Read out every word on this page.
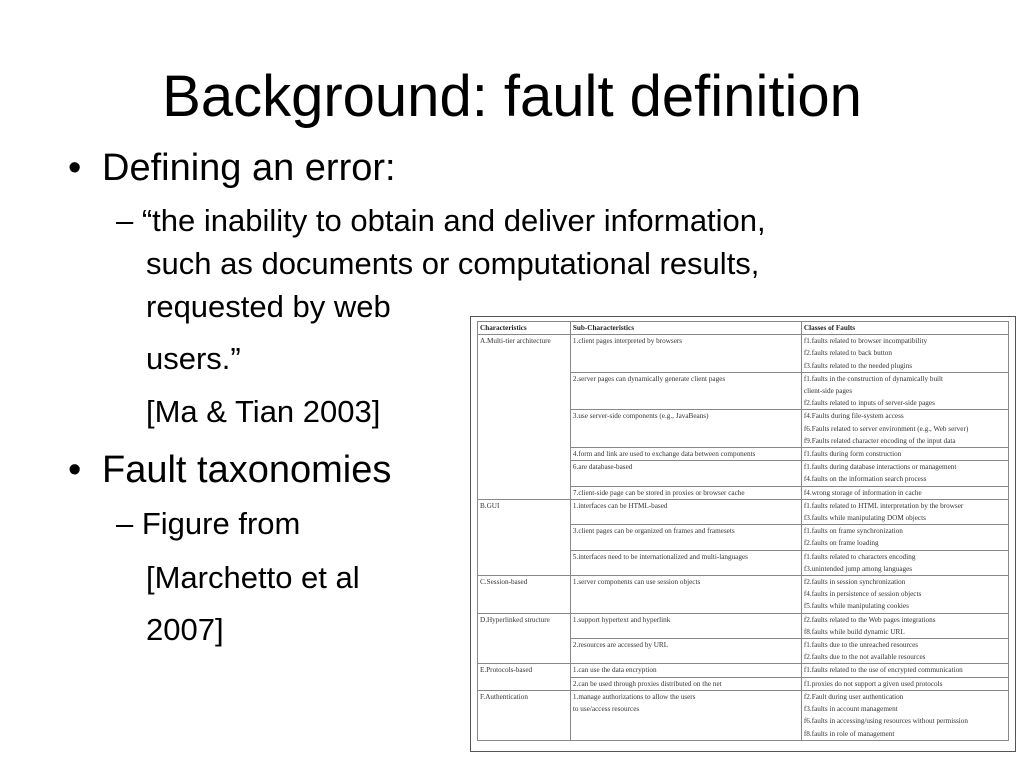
Background: fault definition
• Defining an error:
– “the inability to obtain and deliver information,
such as documents or computational results,
requested by web
users.”
[Ma & Tian 2003]
• Fault taxonomies
– Figure from
[Marchetto et al
2007]
Characteristics	Sub-Characteristics	Classes of Faults
A.Multi-tier architecture	1.client pages interpreted by browsers	f1.faults related to browser incompatibility
f2.faults related to back button
f3.faults related to the needed plugins

	2.server pages can dynamically generate client pages	f1.faults in the construction of dynamically built
client-side pages
f2.faults related to inputs of server-side pages

	3.use server-side components (e.g., JavaBeans)	f4.Faults during file-system access
f6.Faults related to server environment (e.g., Web server)
f9.Faults related character encoding of the input data

	4.form and link are used to exchange data between components	f1.faults during form construction

	6.are database-based	f1.faults during database interactions or management
f4.faults on the information search process

	7.client-side page can be stored in proxies or browser cache	f4.wrong storage of information in cache

B.GUI	1.interfaces can be HTML-based	f1.faults related to HTML interpretation by the browser
f3.faults while manipulating DOM objects

	3.client pages can be organized on frames and framesets	f1.faults on frame synchronization
f2.faults on frame loading

	5.interfaces need to be internationalized and multi-languages	f1.faults related to characters encoding
f3.unintended jump among languages

C.Session-based	1.server components can use session objects	f2.faults in session synchronization
f4.faults in persistence of session objects
f5.faults while manipulating cookies

D.Hyperlinked structure	1.support hypertext and hyperlink	f2.faults related to the Web pages integrations
f8.faults while build dynamic URL

	2.resources are accessed by URL	f1.faults due to the unreached resources
f2.faults due to the not available resources

E.Protocols-based	1.can use the data encryption	f1.faults related to the use of encrypted communication

	2.can be used through proxies distributed on the net	f1.proxies do not support a given used protocols

F.Authentication	1.manage authorizations to allow the users
to use/access resources	f2.Fault during user authentication
f3.faults in account management
f6.faults in accessing/using resources without permission
f8.faults in role of management
